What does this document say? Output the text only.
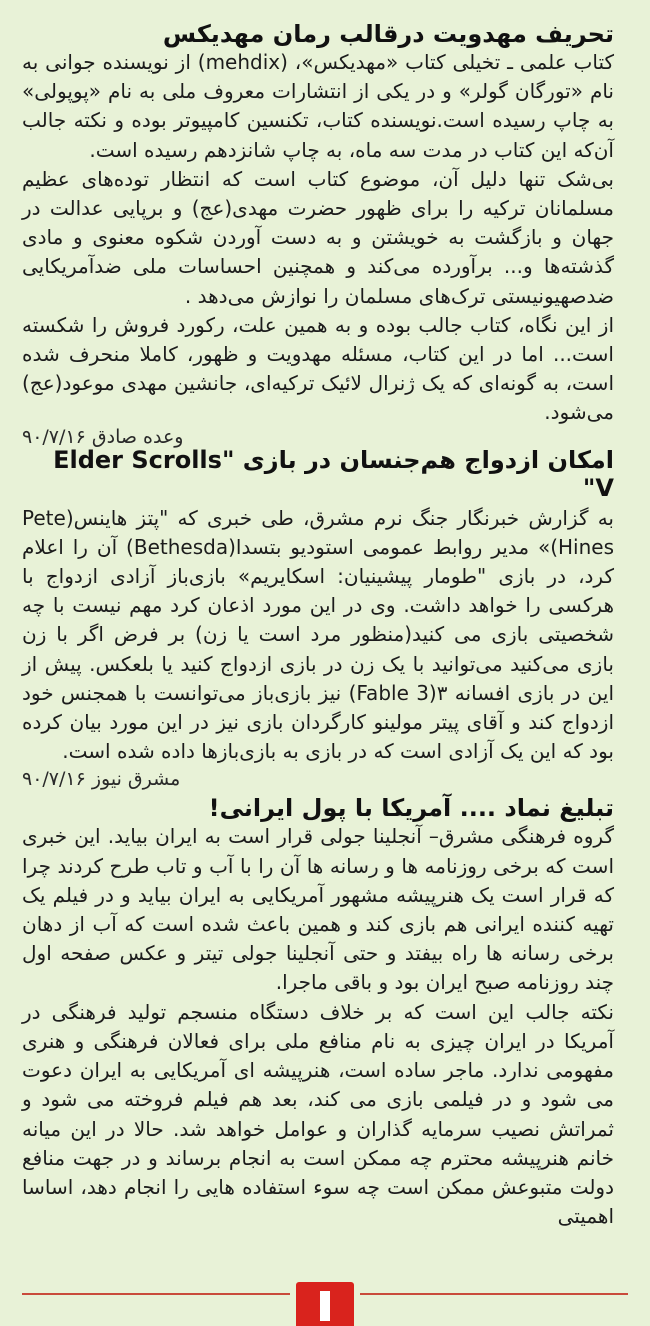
تحریف مهدویت درقالب رمان مهدیکس

کتاب علمی ـ تخیلی کتاب «مهدیکس»، (mehdix) از نویسنده جوانی به نام «تورگان گولر» و در یکی از انتشارات معروف ملی به نام «پوپولی» به چاپ رسیده است.نویسنده کتاب، تکنسین کامپیوتر بوده و نکته جالب آن‌که این کتاب در مدت سه ماه، به چاپ شانزدهم رسیده است.

بی‌شک تنها دلیل آن، موضوع کتاب است که انتظار توده‌های عظیم مسلمانان ترکیه را برای ظهور حضرت مهدی(عج) و برپایی عدالت در جهان و بازگشت به خویشتن و به دست آوردن شکوه معنوی و مادی گذشته‌ها و... برآورده می‌کند و همچنین احساسات ملی ضدآمریکایی ضدصهیونیستی ترک‌های مسلمان را نوازش می‌دهد .

از این نگاه، کتاب جالب بوده و به همین علت، رکورد فروش را شکسته است... اما در این کتاب، مسئله مهدویت و ظهور، کاملا منحرف شده است، به گونه‌ای که یک ژنرال لائیک ترکیه‌ای، جانشین مهدی موعود(عج) می‌شود.

وعده صادق ۹۰/۷/۱۶

امکان ازدواج هم‌جنسان در بازی "Elder Scrolls V"

به گزارش خبرنگار جنگ نرم مشرق، طی خبری که "پتز هاینس(Pete Hines)» مدیر روابط عمومی استودیو بتسدا(Bethesda) آن را اعلام کرد، در بازی "طومار پیشینیان: اسکایریم» بازی‌باز آزادی ازدواج با هرکسی را خواهد داشت. وی در این مورد اذعان کرد مهم نیست با چه شخصیتی بازی می کنید(منظور مرد است یا زن) بر فرض اگر با زن بازی می‌کنید می‌توانید با یک زن در بازی ازدواج کنید یا بلعکس. پیش از این در بازی افسانه ۳(Fable 3) نیز بازی‌باز می‌توانست با همجنس خود ازدواج کند و آقای پیتر مولینو کارگردان بازی نیز در این مورد بیان کرده بود که این یک آزادی است که در بازی به بازی‌بازها داده شده است.

مشرق نیوز ۹۰/۷/۱۶

تبلیغ نماد .... آمریکا با پول ایرانی!

گروه فرهنگی مشرق– آنجلینا جولی قرار است به ایران بیاید. این خبری است که برخی روزنامه ها و رسانه ها آن را با آب و تاب طرح کردند چرا که قرار است یک هنرپیشه مشهور آمریکایی به ایران بیاید و در فیلم یک تهیه کننده ایرانی هم بازی کند و همین باعث شده است که آب از دهان برخی رسانه ها راه بیفتد و حتی آنجلینا جولی تیتر و عکس صفحه اول چند روزنامه صبح ایران بود و باقی ماجرا.

نکته جالب این است که بر خلاف دستگاه منسجم تولید فرهنگی در آمریکا در ایران چیزی به نام منافع ملی برای فعالان فرهنگی و هنری مفهومی ندارد. ماجر ساده است، هنرپیشه ای آمریکایی به ایران دعوت می شود و در فیلمی بازی می کند، بعد هم فیلم فروخته می شود و ثمراتش نصیب سرمایه گذاران و عوامل خواهد شد. حالا در این میانه خانم هنرپیشه محترم چه ممکن است به انجام برساند و در جهت منافع دولت متبوعش ممکن است چه سوء استفاده هایی را انجام دهد، اساسا اهمیتی
